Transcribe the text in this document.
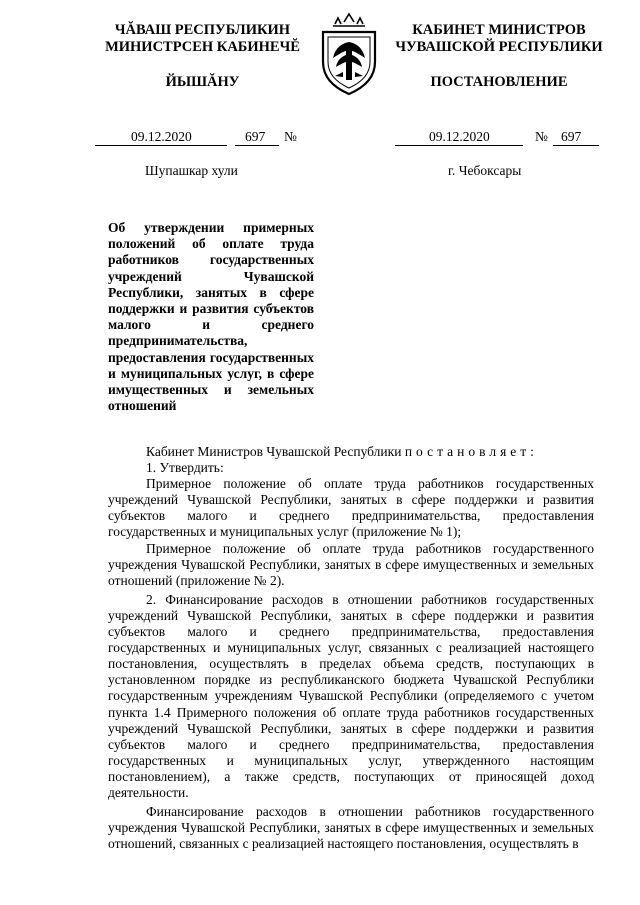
ЧĂВАШ РЕСПУБЛИКИН
МИНИСТРСЕН КАБИНЕЧĔ
ЙЫШĂНУ
КАБИНЕТ МИНИСТРОВ
ЧУВАШСКОЙ РЕСПУБЛИКИ
ПОСТАНОВЛЕНИЕ
09.12.2020	697 №	09.12.2020	№ 697
Шупашкар хули	г. Чебоксары
Об утверждении примерных положений об оплате труда работников государственных учреждений Чувашской Республики, занятых в сфере поддержки и развития субъектов малого и среднего предпринимательства, предоставления государственных и муниципальных услуг, в сфере имущественных и земельных отношений

Кабинет Министров Чувашской Республики постановляет:

1. Утвердить:

Примерное положение об оплате труда работников государственных учреждений Чувашской Республики, занятых в сфере поддержки и развития субъектов малого и среднего предпринимательства, предоставления государственных и муниципальных услуг (приложение № 1);

Примерное положение об оплате труда работников государственного учреждения Чувашской Республики, занятых в сфере имущественных и земельных отношений (приложение № 2).

2. Финансирование расходов в отношении работников государственных учреждений Чувашской Республики, занятых в сфере поддержки и развития субъектов малого и среднего предпринимательства, предоставления государственных и муниципальных услуг, связанных с реализацией настоящего постановления, осуществлять в пределах объема средств, поступающих в установленном порядке из республиканского бюджета Чувашской Республики государственным учреждениям Чувашской Республики (определяемого с учетом пункта 1.4 Примерного положения об оплате труда работников государственных учреждений Чувашской Республики, занятых в сфере поддержки и развития субъектов малого и среднего предпринимательства, предоставления государственных и муниципальных услуг, утвержденного настоящим постановлением), а также средств, поступающих от приносящей доход деятельности.

Финансирование расходов в отношении работников государственного учреждения Чувашской Республики, занятых в сфере имущественных и земельных отношений, связанных с реализацией настоящего постановления, осуществлять в
